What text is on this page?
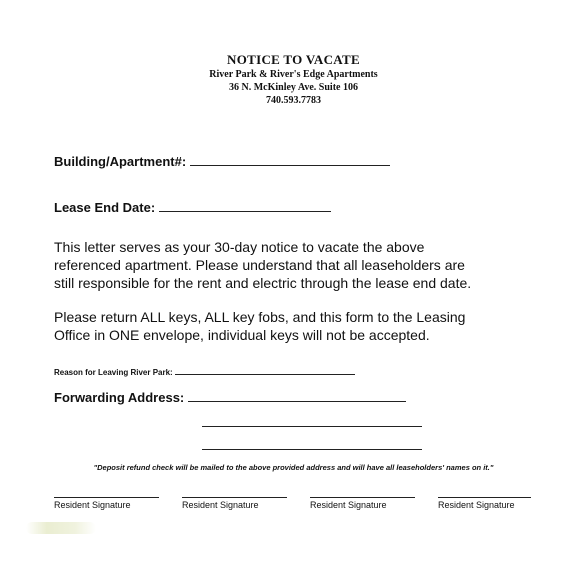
NOTICE TO VACATE
River Park & River's Edge Apartments
36 N. McKinley Ave. Suite 106
740.593.7783
Building/Apartment#:
Lease End Date:
This letter serves as your 30-day notice to vacate the above
referenced apartment. Please understand that all leaseholders are
still responsible for the rent and electric through the lease end date.
Please return ALL keys, ALL key fobs, and this form to the Leasing
Office in ONE envelope, individual keys will not be accepted.
Reason for Leaving River Park:
Forwarding Address:
"Deposit refund check will be mailed to the above provided address and will have all leaseholders' names on it."
Resident Signature	Resident Signature	Resident Signature	Resident Signature
